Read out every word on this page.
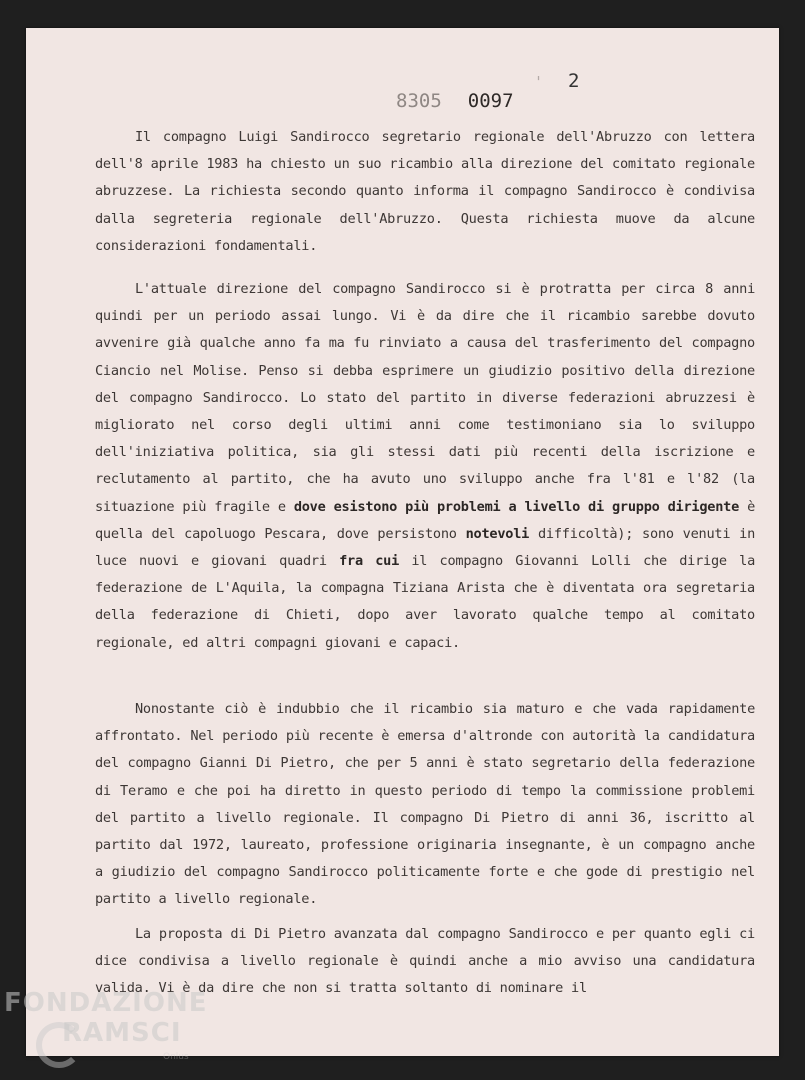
8305 0097
'　2

Il compagno Luigi Sandirocco segretario regionale dell'Abruzzo con lettera dell'8 aprile 1983 ha chiesto un suo ricambio alla direzione del comitato regionale abruzzese. La richiesta secondo quanto informa il compagno Sandirocco è condivisa dalla segreteria regionale dell'Abruzzo. Questa richiesta muove da alcune considerazioni fondamentali.

L'attuale direzione del compagno Sandirocco si è protratta per circa 8 anni quindi per un periodo assai lungo. Vi è da dire che il ricambio sarebbe dovuto avvenire già qualche anno fa ma fu rinviato a causa del trasferimento del compagno Ciancio nel Molise. Penso si debba esprimere un giudizio positivo della direzione del compagno Sandirocco. Lo stato del partito in diverse federazioni abruzzesi è migliorato nel corso degli ultimi anni come testimoniano sia lo sviluppo dell'iniziativa politica, sia gli stessi dati più recenti della iscrizione e reclutamento al partito, che ha avuto uno sviluppo anche fra l'81 e l'82 (la situazione più fragile e dove esistono più problemi a livello di gruppo dirigente è quella del capoluogo Pescara, dove persistono notevoli difficoltà); sono venuti in luce nuovi e giovani quadri fra cui il compagno Giovanni Lolli che dirige la federazione de L'Aquila, la compagna Tiziana Arista che è diventata ora segretaria della federazione di Chieti, dopo aver lavorato qualche tempo al comitato regionale, ed altri compagni giovani e capaci.

Nonostante ciò è indubbio che il ricambio sia maturo e che vada rapidamente affrontato. Nel periodo più recente è emersa d'altronde con autorità la candidatura del compagno Gianni Di Pietro, che per 5 anni è stato segretario della federazione di Teramo e che poi ha diretto in questo periodo di tempo la commissione problemi del partito a livello regionale. Il compagno Di Pietro di anni 36, iscritto al partito dal 1972, laureato, professione originaria insegnante, è un compagno anche a giudizio del compagno Sandirocco politicamente forte e che gode di prestigio nel partito a livello regionale.

La proposta di Di Pietro avanzata dal compagno Sandirocco e per quanto egli ci dice condivisa a livello regionale è quindi anche a mio avviso una candidatura valida. Vi è da dire che non si tratta soltanto di nominare il

FONDAZIONE
RAMSCI
Onlus
